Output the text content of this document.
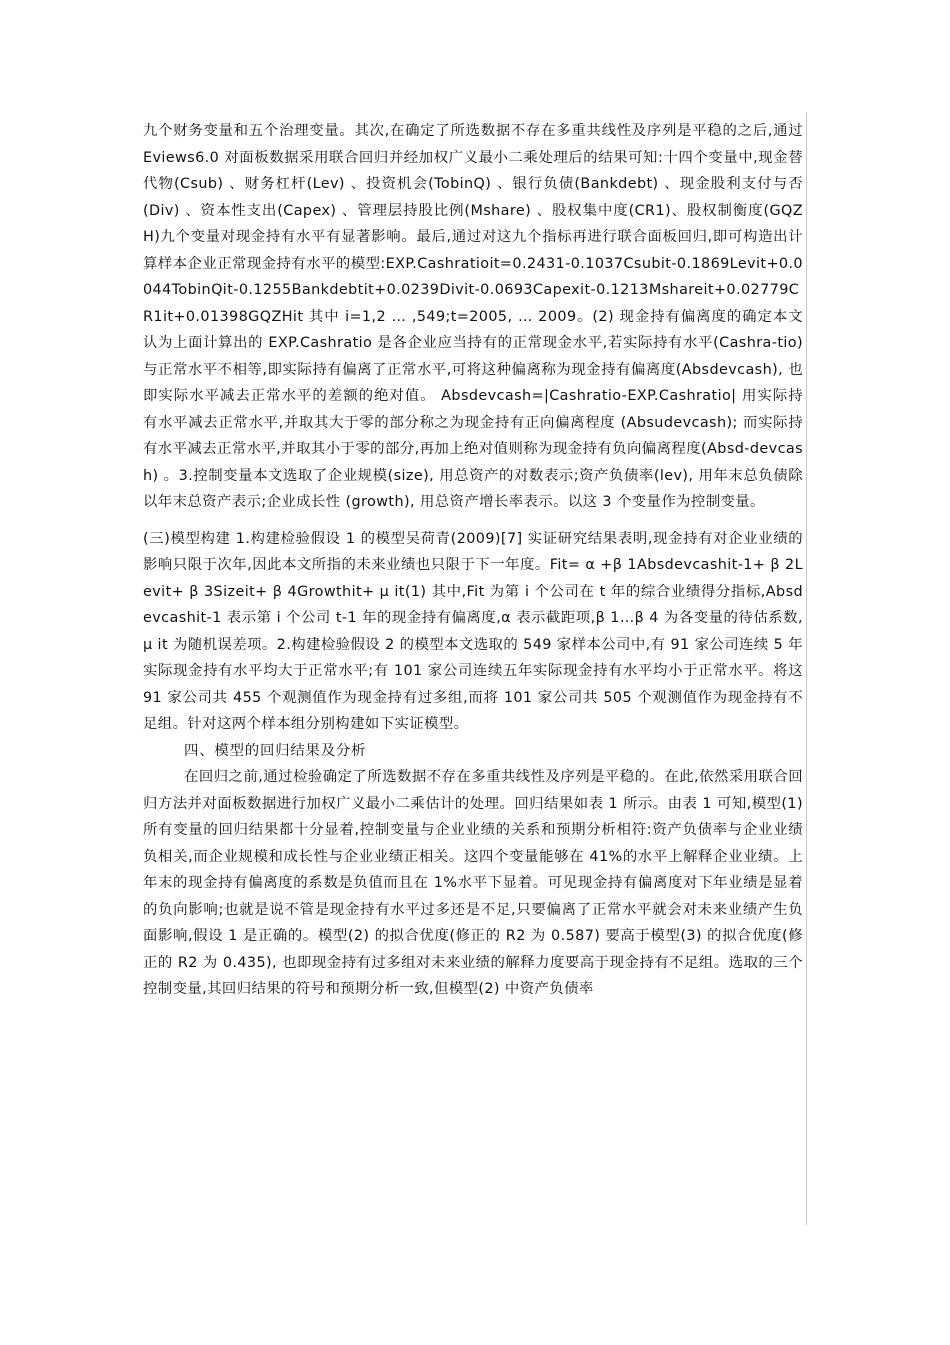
九个财务变量和五个治理变量。其次,在确定了所选数据不存在多重共线性及序列是平稳的之后,通过 Eviews6.0 对面板数据采用联合回归并经加权广义最小二乘处理后的结果可知:十四个变量中,现金替代物(Csub) 、财务杠杆(Lev) 、投资机会(TobinQ) 、银行负债(Bankdebt) 、现金股利支付与否 (Div) 、资本性支出(Capex) 、管理层持股比例(Mshare) 、股权集中度(CR1)、股权制衡度(GQZH)九个变量对现金持有水平有显著影响。最后,通过对这九个指标再进行联合面板回归,即可构造出计算样本企业正常现金持有水平的模型:EXP.Cashratioit=0.2431-0.1037Csubit-0.1869Levit+0.0044TobinQit-0.1255Bankdebtit+0.0239Divit-0.0693Capexit-0.1213Mshareit+0.02779CR1it+0.01398GQZHit 其中 i=1,2 … ,549;t=2005, … 2009。(2) 现金持有偏离度的确定本文认为上面计算出的 EXP.Cashratio 是各企业应当持有的正常现金水平,若实际持有水平(Cashra-tio) 与正常水平不相等,即实际持有偏离了正常水平,可将这种偏离称为现金持有偏离度(Absdevcash), 也即实际水平减去正常水平的差额的绝对值。 Absdevcash=|Cashratio-EXP.Cashratio| 用实际持有水平减去正常水平,并取其大于零的部分称之为现金持有正向偏离程度 (Absudevcash); 而实际持有水平减去正常水平,并取其小于零的部分,再加上绝对值则称为现金持有负向偏离程度(Absd-devcash) 。3.控制变量本文选取了企业规模(size), 用总资产的对数表示;资产负债率(lev), 用年末总负债除以年末总资产表示;企业成长性 (growth), 用总资产增长率表示。以这 3 个变量作为控制变量。

(三)模型构建 1.构建检验假设 1 的模型吴荷青(2009)[7] 实证研究结果表明,现金持有对企业业绩的影响只限于次年,因此本文所指的未来业绩也只限于下一年度。Fit= α +β 1Absdevcashit-1+ β 2Levit+ β 3Sizeit+ β 4Growthit+ μ it(1) 其中,Fit 为第 i 个公司在 t 年的综合业绩得分指标,Absdevcashit-1 表示第 i 个公司 t-1 年的现金持有偏离度,α 表示截距项,β 1…β 4 为各变量的待估系数,μ it 为随机误差项。2.构建检验假设 2 的模型本文选取的 549 家样本公司中,有 91 家公司连续 5 年实际现金持有水平均大于正常水平;有 101 家公司连续五年实际现金持有水平均小于正常水平。将这 91 家公司共 455 个观测值作为现金持有过多组,而将 101 家公司共 505 个观测值作为现金持有不足组。针对这两个样本组分别构建如下实证模型。

四、模型的回归结果及分析

在回归之前,通过检验确定了所选数据不存在多重共线性及序列是平稳的。在此,依然采用联合回归方法并对面板数据进行加权广义最小二乘估计的处理。回归结果如表 1 所示。由表 1 可知,模型(1) 所有变量的回归结果都十分显着,控制变量与企业业绩的关系和预期分析相符:资产负债率与企业业绩负相关,而企业规模和成长性与企业业绩正相关。这四个变量能够在 41%的水平上解释企业业绩。上年末的现金持有偏离度的系数是负值而且在 1%水平下显着。可见现金持有偏离度对下年业绩是显着的负向影响;也就是说不管是现金持有水平过多还是不足,只要偏离了正常水平就会对未来业绩产生负面影响,假设 1 是正确的。模型(2) 的拟合优度(修正的 R2 为 0.587) 要高于模型(3) 的拟合优度(修正的 R2 为 0.435), 也即现金持有过多组对未来业绩的解释力度要高于现金持有不足组。选取的三个控制变量,其回归结果的符号和预期分析一致,但模型(2) 中资产负债率
